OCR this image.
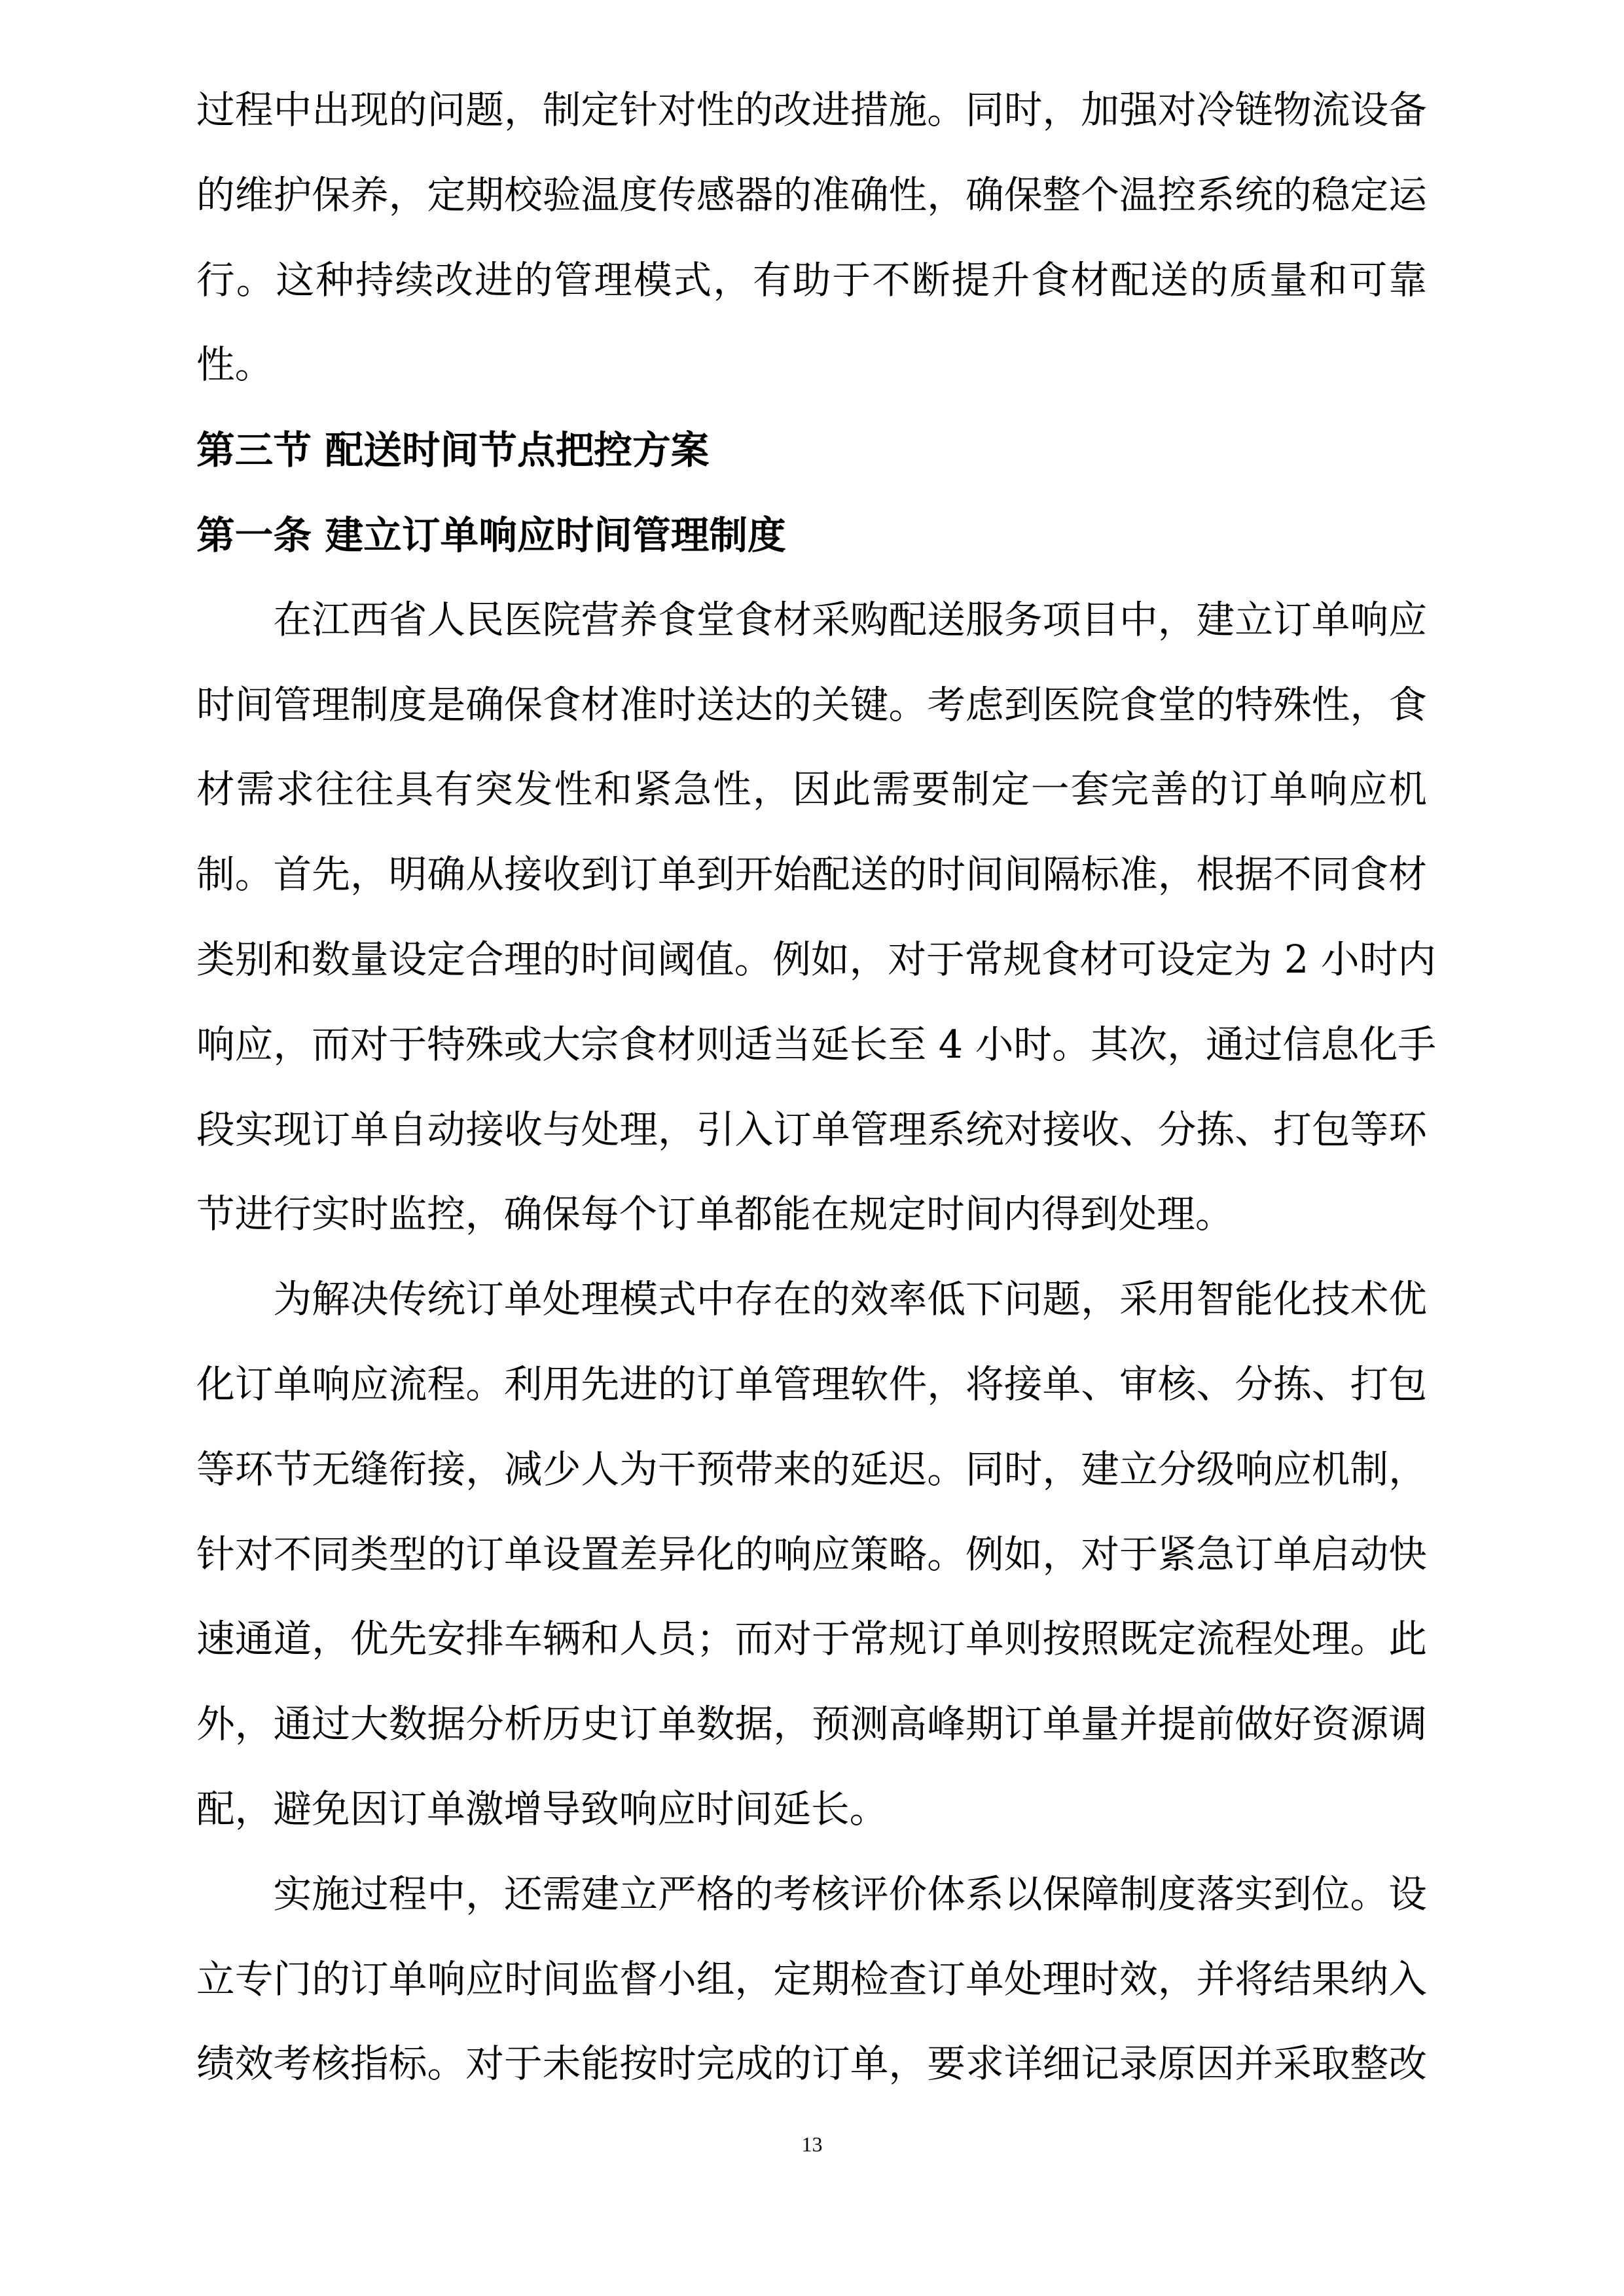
过程中出现的问题，制定针对性的改进措施。同时，加强对冷链物流设备
的维护保养，定期校验温度传感器的准确性，确保整个温控系统的稳定运
行。这种持续改进的管理模式，有助于不断提升食材配送的质量和可靠
性。
第三节 配送时间节点把控方案
第一条 建立订单响应时间管理制度
在江西省人民医院营养食堂食材采购配送服务项目中，建立订单响应
时间管理制度是确保食材准时送达的关键。考虑到医院食堂的特殊性，食
材需求往往具有突发性和紧急性，因此需要制定一套完善的订单响应机
制。首先，明确从接收到订单到开始配送的时间间隔标准，根据不同食材
类别和数量设定合理的时间阈值。例如，对于常规食材可设定为 2 小时内
响应，而对于特殊或大宗食材则适当延长至 4 小时。其次，通过信息化手
段实现订单自动接收与处理，引入订单管理系统对接收、分拣、打包等环
节进行实时监控，确保每个订单都能在规定时间内得到处理。
为解决传统订单处理模式中存在的效率低下问题，采用智能化技术优
化订单响应流程。利用先进的订单管理软件，将接单、审核、分拣、打包
等环节无缝衔接，减少人为干预带来的延迟。同时，建立分级响应机制，
针对不同类型的订单设置差异化的响应策略。例如，对于紧急订单启动快
速通道，优先安排车辆和人员；而对于常规订单则按照既定流程处理。此
外，通过大数据分析历史订单数据，预测高峰期订单量并提前做好资源调
配，避免因订单激增导致响应时间延长。
实施过程中，还需建立严格的考核评价体系以保障制度落实到位。设
立专门的订单响应时间监督小组，定期检查订单处理时效，并将结果纳入
绩效考核指标。对于未能按时完成的订单，要求详细记录原因并采取整改
13
